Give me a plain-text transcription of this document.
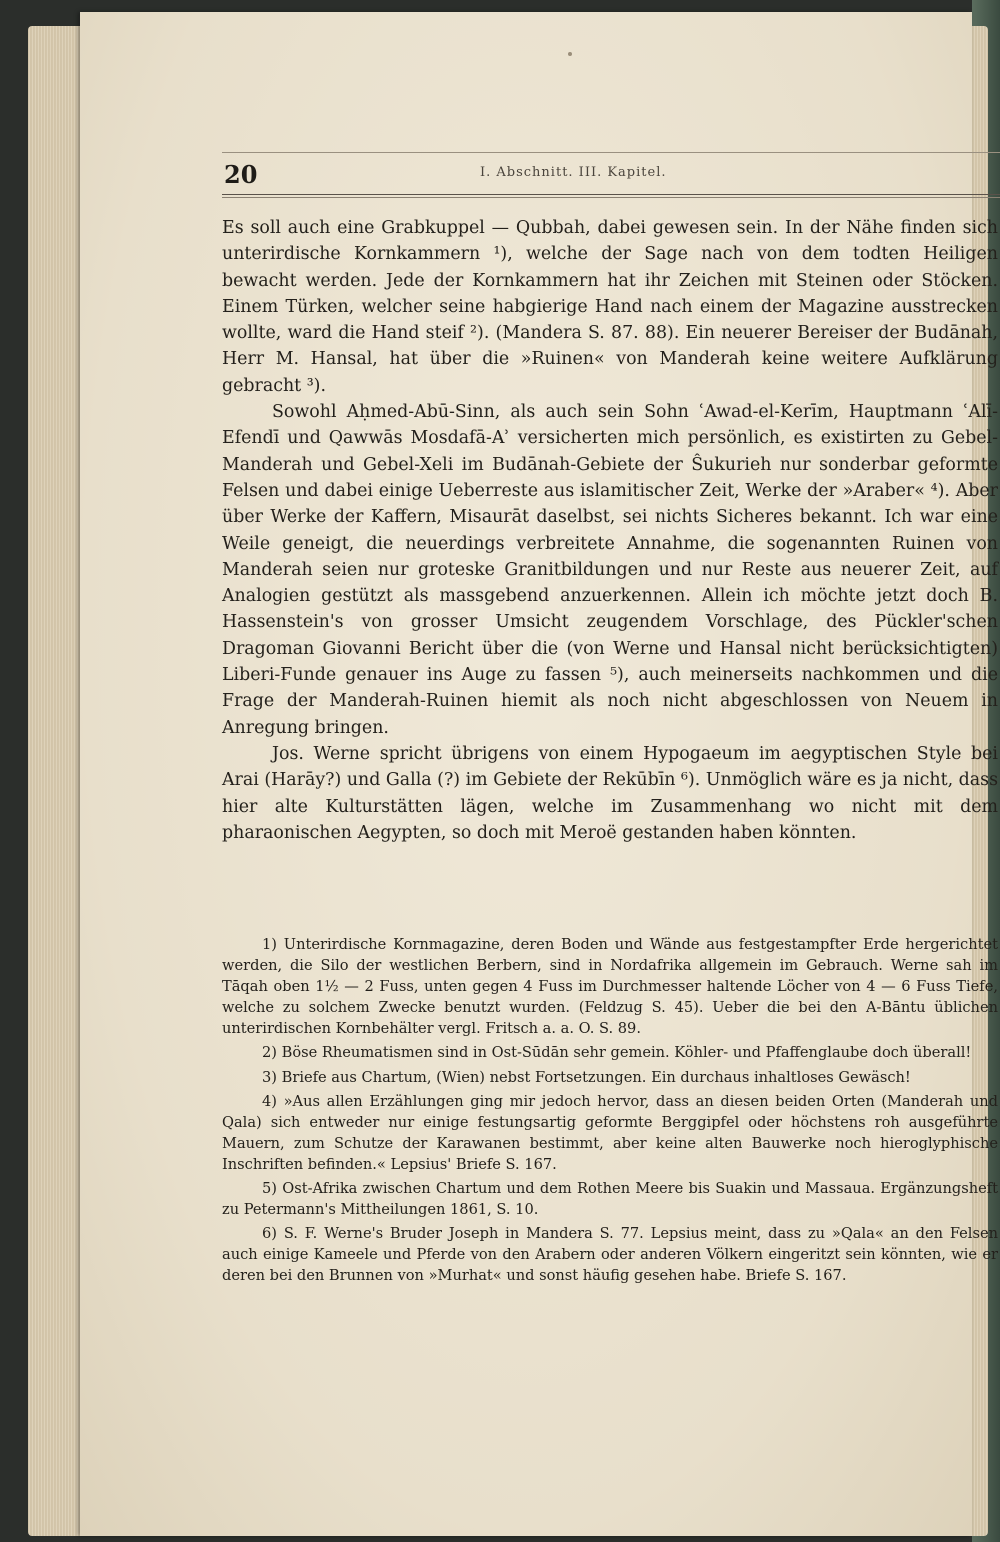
20	I. Abschnitt. III. Kapitel.

Es soll auch eine Grabkuppel — Qubbah, dabei gewesen sein. In der Nähe finden sich unterirdische Kornkammern ¹), welche der Sage nach von dem todten Heiligen bewacht werden. Jede der Kornkammern hat ihr Zeichen mit Steinen oder Stöcken. Einem Türken, welcher seine habgierige Hand nach einem der Magazine ausstrecken wollte, ward die Hand steif ²). (Mandera S. 87. 88). Ein neuerer Bereiser der Budānah, Herr M. Hansal, hat über die »Ruinen« von Manderah keine weitere Aufklärung gebracht ³).

Sowohl Aḥmed-Abū-Sinn, als auch sein Sohn ʿAwad-el-Kerīm, Hauptmann ʿAlī-Efendī und Qawwās Mosdafā-Aʾ versicherten mich persönlich, es existirten zu Gebel-Manderah und Gebel-Xeli im Budānah-Gebiete der Ŝukurieh nur sonderbar geformte Felsen und dabei einige Ueberreste aus islamitischer Zeit, Werke der »Araber« ⁴). Aber über Werke der Kaffern, Misaurāt daselbst, sei nichts Sicheres bekannt. Ich war eine Weile geneigt, die neuerdings verbreitete Annahme, die sogenannten Ruinen von Manderah seien nur groteske Granitbildungen und nur Reste aus neuerer Zeit, auf Analogien gestützt als massgebend anzuerkennen. Allein ich möchte jetzt doch B. Hassenstein's von grosser Umsicht zeugendem Vorschlage, des Pückler'schen Dragoman Giovanni Bericht über die (von Werne und Hansal nicht berücksichtigten) Liberi-Funde genauer ins Auge zu fassen ⁵), auch meinerseits nachkommen und die Frage der Manderah-Ruinen hiemit als noch nicht abgeschlossen von Neuem in Anregung bringen.

Jos. Werne spricht übrigens von einem Hypogaeum im aegyptischen Style bei Arai (Harāy?) und Galla (?) im Gebiete der Rekūbīn ⁶). Unmöglich wäre es ja nicht, dass hier alte Kulturstätten lägen, welche im Zusammenhang wo nicht mit dem pharaonischen Aegypten, so doch mit Meroë gestanden haben könnten.

1) Unterirdische Kornmagazine, deren Boden und Wände aus festgestampfter Erde hergerichtet werden, die Silo der westlichen Berbern, sind in Nordafrika allgemein im Gebrauch. Werne sah im Tāqah oben 1½ — 2 Fuss, unten gegen 4 Fuss im Durchmesser haltende Löcher von 4 — 6 Fuss Tiefe, welche zu solchem Zwecke benutzt wurden. (Feldzug S. 45). Ueber die bei den A-Bāntu üblichen unterirdischen Kornbehälter vergl. Fritsch a. a. O. S. 89.

2) Böse Rheumatismen sind in Ost-Sūdān sehr gemein. Köhler- und Pfaffenglaube doch überall!

3) Briefe aus Chartum, (Wien) nebst Fortsetzungen. Ein durchaus inhaltloses Gewäsch!

4) »Aus allen Erzählungen ging mir jedoch hervor, dass an diesen beiden Orten (Manderah und Qala) sich entweder nur einige festungsartig geformte Berggipfel oder höchstens roh ausgeführte Mauern, zum Schutze der Karawanen bestimmt, aber keine alten Bauwerke noch hieroglyphische Inschriften befinden.« Lepsius' Briefe S. 167.

5) Ost-Afrika zwischen Chartum und dem Rothen Meere bis Suakin und Massaua. Ergänzungsheft zu Petermann's Mittheilungen 1861, S. 10.

6) S. F. Werne's Bruder Joseph in Mandera S. 77. Lepsius meint, dass zu »Qala« an den Felsen auch einige Kameele und Pferde von den Arabern oder anderen Völkern eingeritzt sein könnten, wie er deren bei den Brunnen von »Murhat« und sonst häufig gesehen habe. Briefe S. 167.
